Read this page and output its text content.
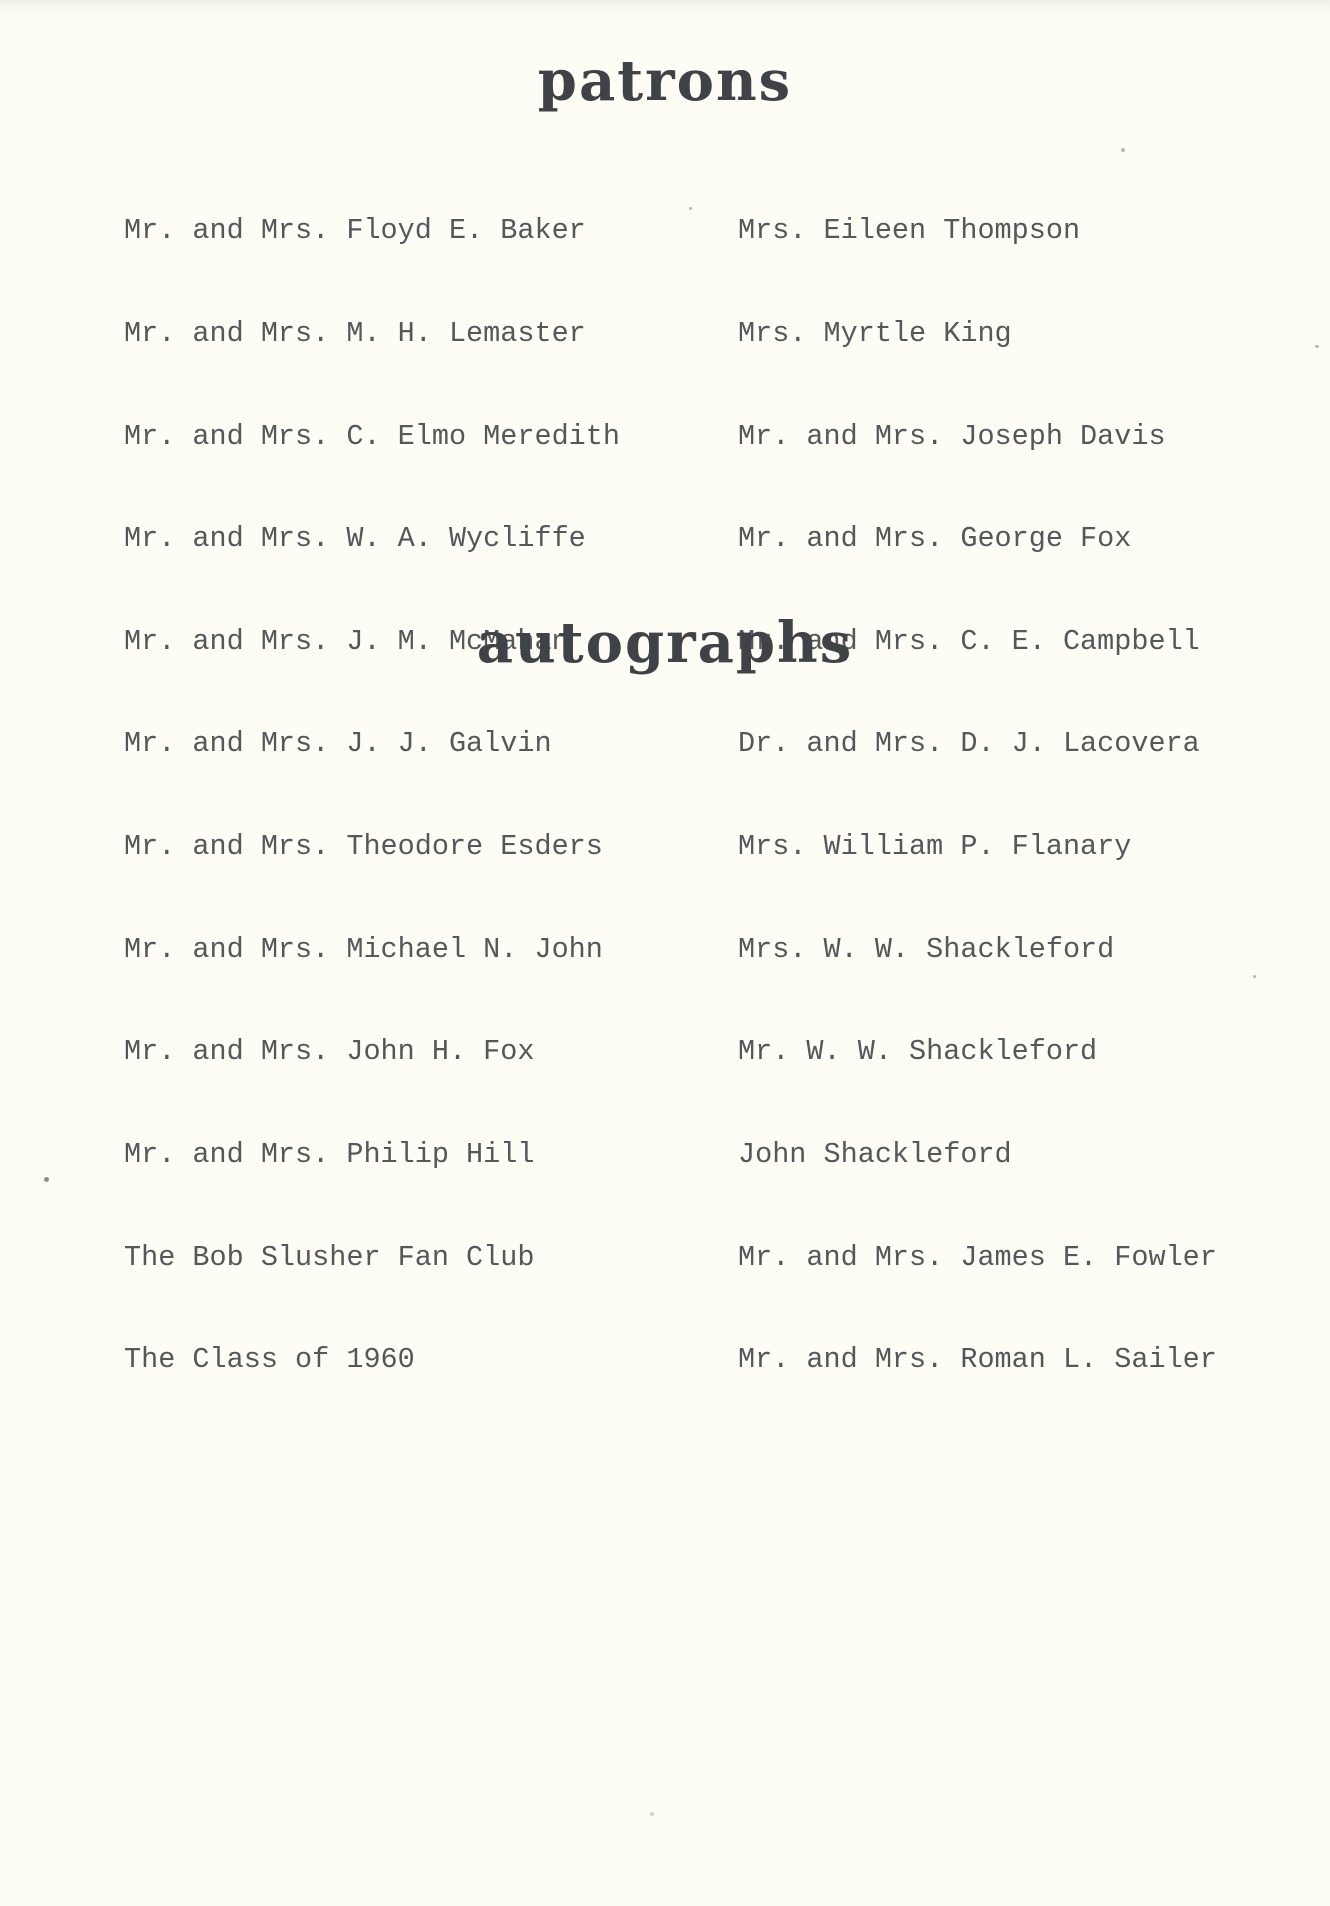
patrons

Mr. and Mrs. Floyd E. Baker

Mr. and Mrs. M. H. Lemaster

Mr. and Mrs. C. Elmo Meredith

Mr. and Mrs. W. A. Wycliffe

Mr. and Mrs. J. M. McMahan

Mr. and Mrs. J. J. Galvin

Mr. and Mrs. Theodore Esders

Mr. and Mrs. Michael N. John

Mr. and Mrs. John H. Fox

Mr. and Mrs. Philip Hill

The Bob Slusher Fan Club

The Class of 1960

Mrs. Eileen Thompson

Mrs. Myrtle King

Mr. and Mrs. Joseph Davis

Mr. and Mrs. George Fox

Mr. and Mrs. C. E. Campbell

Dr. and Mrs. D. J. Lacovera

Mrs. William P. Flanary

Mrs. W. W. Shackleford

Mr. W. W. Shackleford

John Shackleford

Mr. and Mrs. James E. Fowler

Mr. and Mrs. Roman L. Sailer

autographs
